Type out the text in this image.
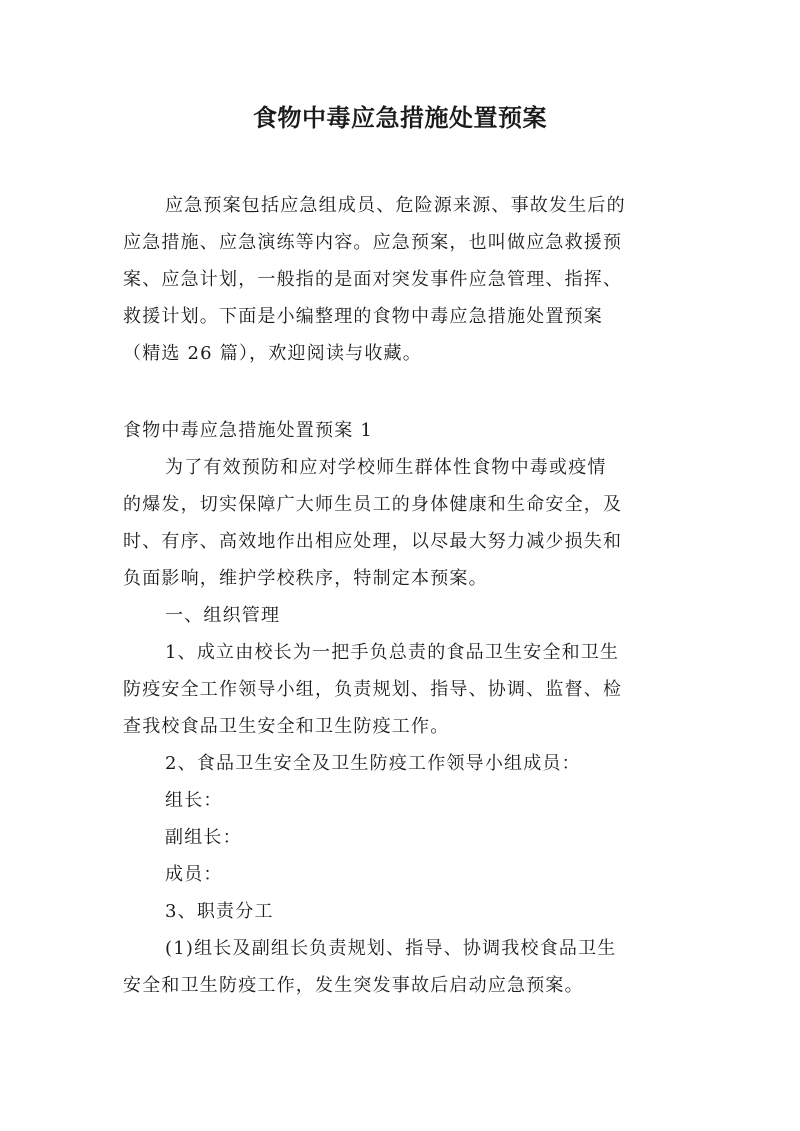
食物中毒应急措施处置预案
应急预案包括应急组成员、危险源来源、事故发生后的
应急措施、应急演练等内容。应急预案，也叫做应急救援预
案、应急计划，一般指的是面对突发事件应急管理、指挥、
救援计划。下面是小编整理的食物中毒应急措施处置预案
（精选 26 篇），欢迎阅读与收藏。
食物中毒应急措施处置预案 1
为了有效预防和应对学校师生群体性食物中毒或疫情
的爆发，切实保障广大师生员工的身体健康和生命安全，及
时、有序、高效地作出相应处理，以尽最大努力减少损失和
负面影响，维护学校秩序，特制定本预案。
一、组织管理
1、成立由校长为一把手负总责的食品卫生安全和卫生
防疫安全工作领导小组，负责规划、指导、协调、监督、检
查我校食品卫生安全和卫生防疫工作。
2、食品卫生安全及卫生防疫工作领导小组成员：
组长：
副组长：
成员：
3、职责分工
(1)组长及副组长负责规划、指导、协调我校食品卫生
安全和卫生防疫工作，发生突发事故后启动应急预案。
